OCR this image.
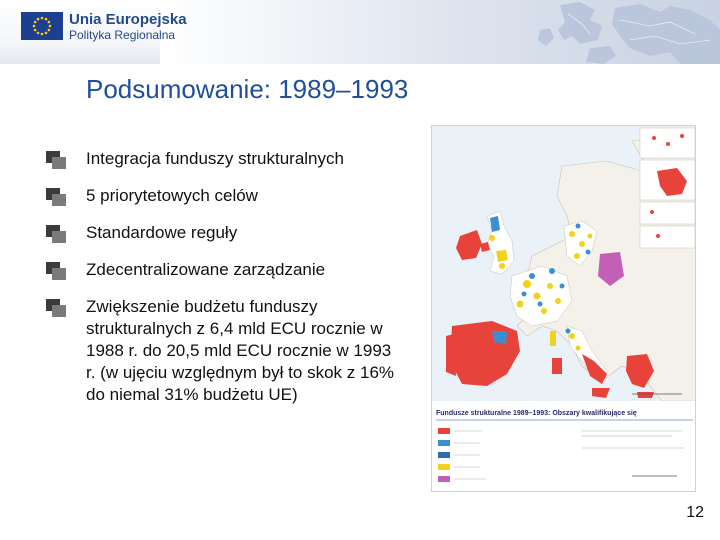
Unia Europejska
Polityka Regionalna
Podsumowanie: 1989–1993
Integracja funduszy strukturalnych
5 priorytetowych celów
Standardowe reguły
Zdecentralizowane zarządzanie
Zwiększenie budżetu funduszy strukturalnych z 6,4 mld ECU rocznie w 1988 r. do 20,5 mld ECU rocznie w 1993 r. (w ujęciu względnym był to skok z 16% do niemal 31% budżetu UE)
Fundusze strukturalne 1989–1993: Obszary kwalifikujące się
12
